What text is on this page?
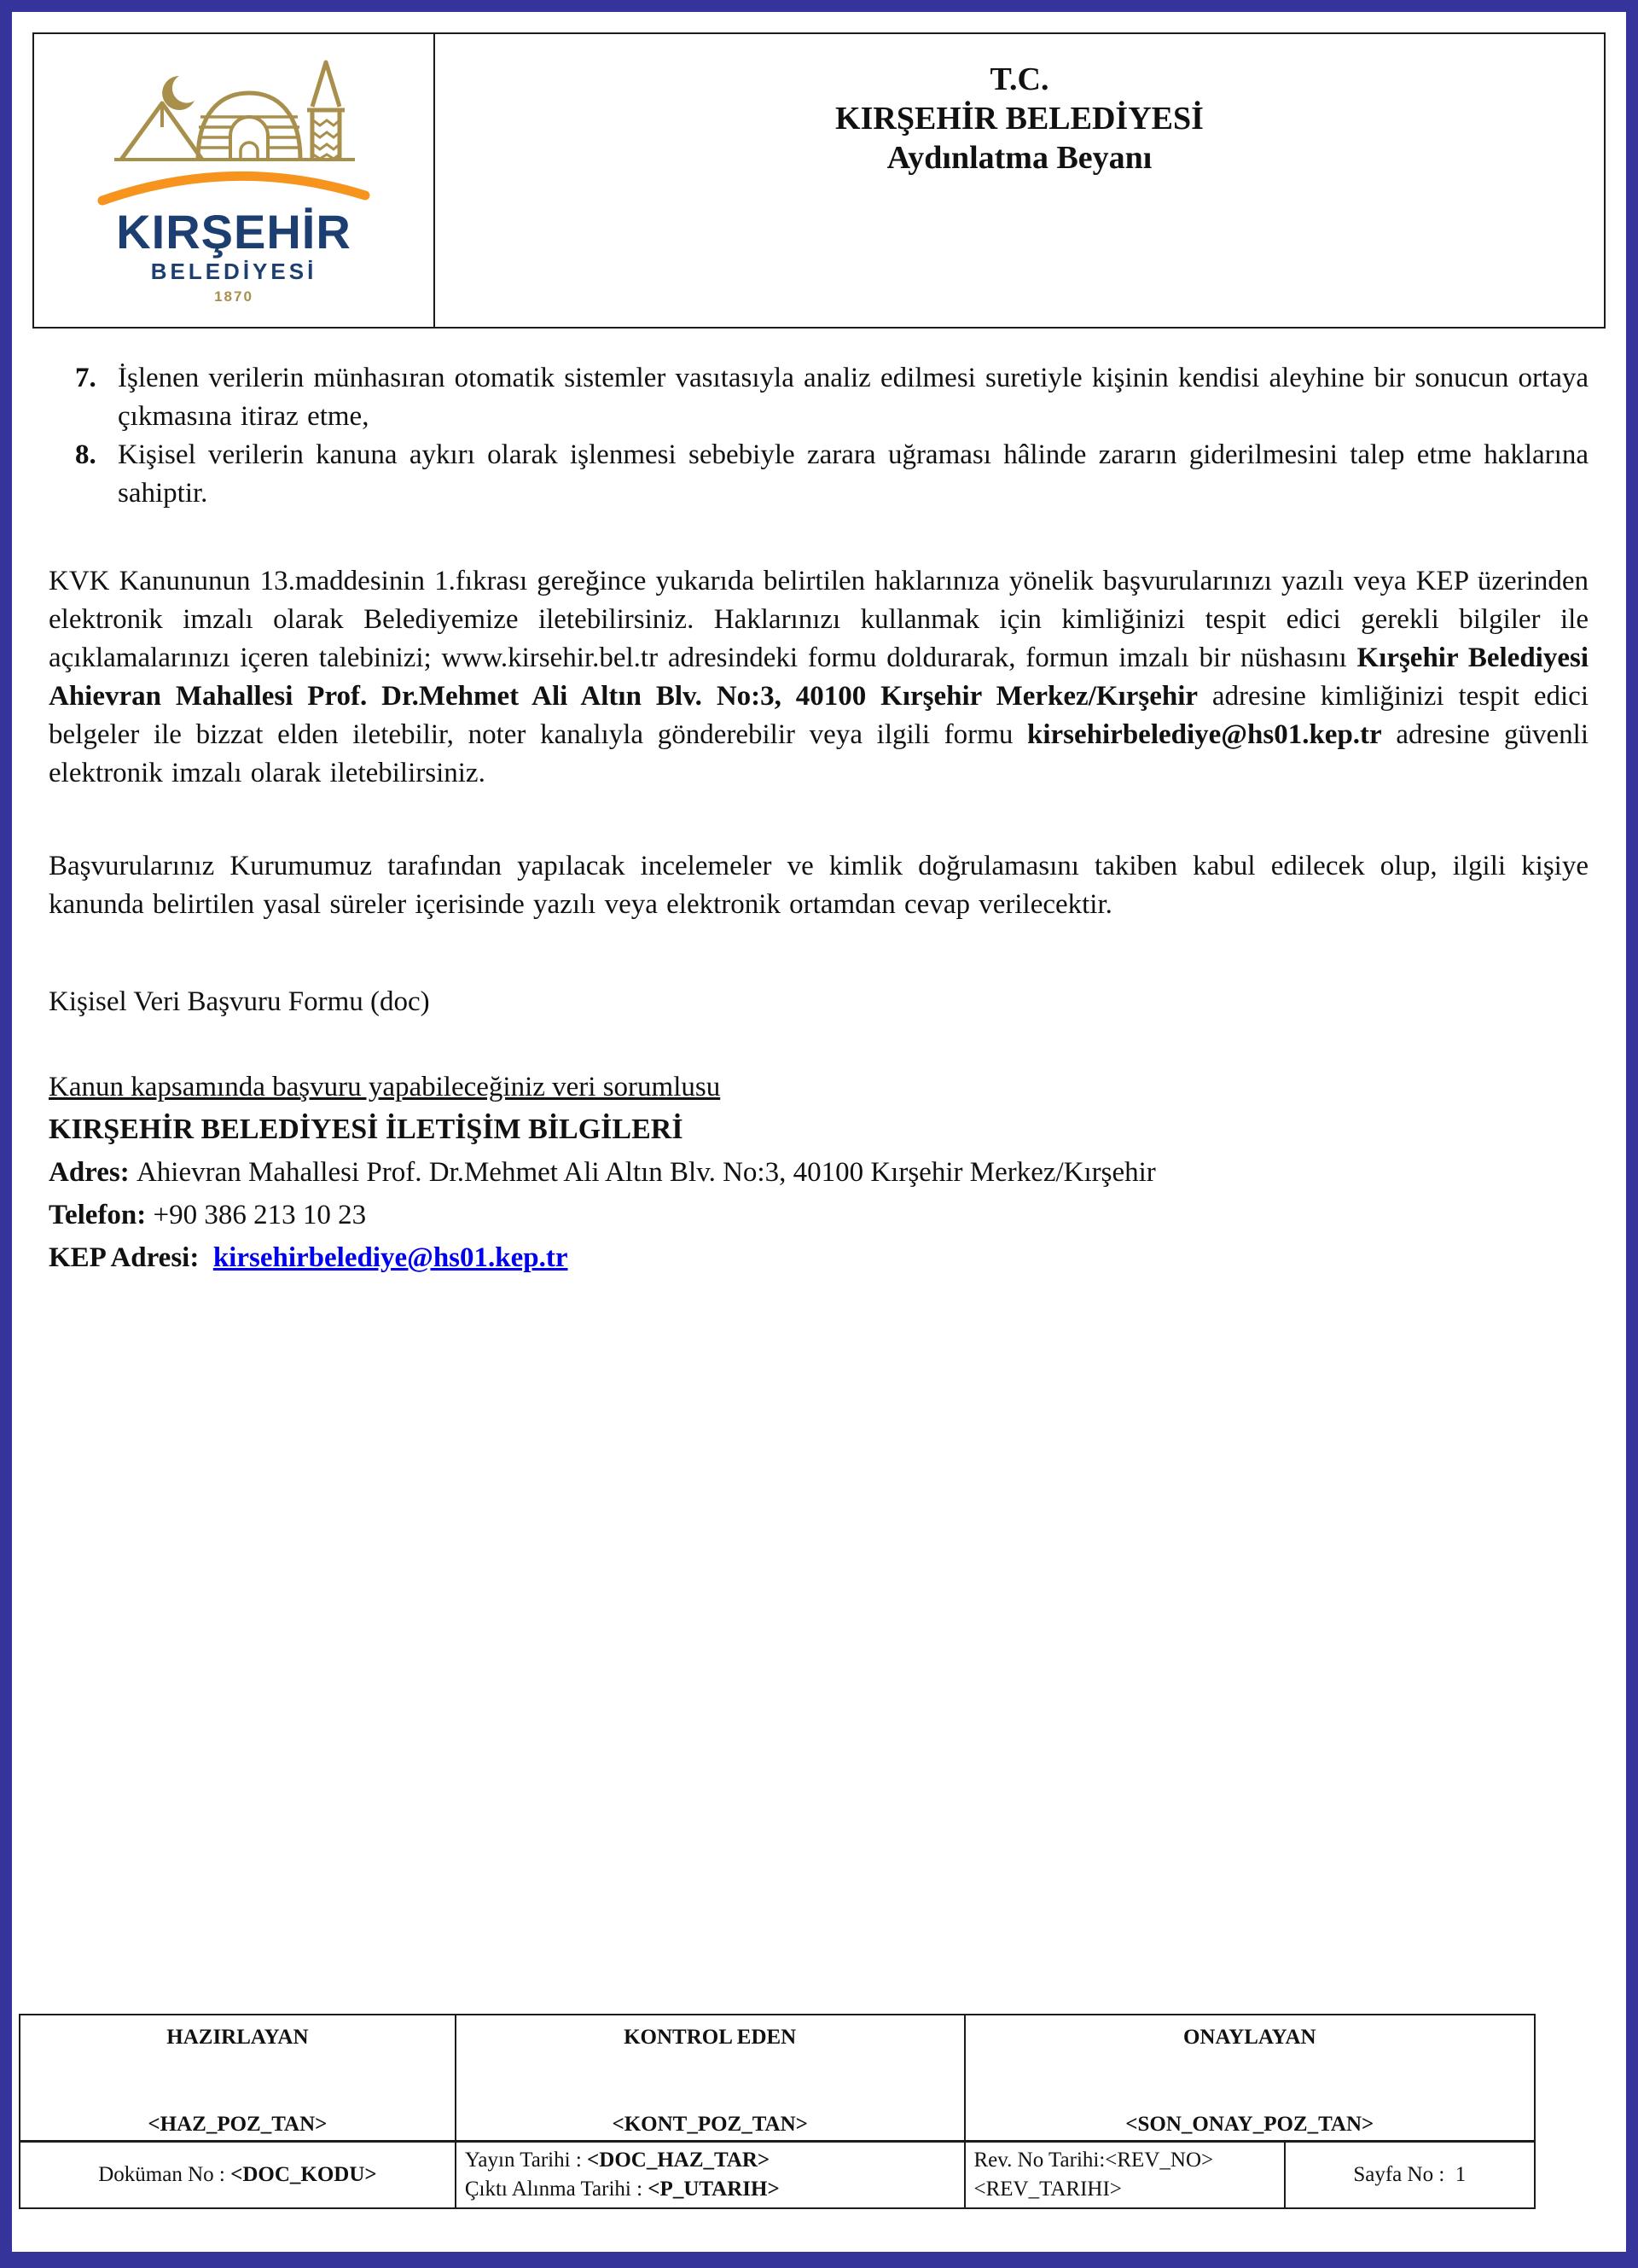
KIRŞEHİR
BELEDİYESİ
1870
T.C.
KIRŞEHİR BELEDİYESİ
Aydınlatma Beyanı
7. İşlenen verilerin münhasıran otomatik sistemler vasıtasıyla analiz edilmesi suretiyle kişinin kendisi aleyhine bir sonucun ortaya çıkmasına itiraz etme,
8. Kişisel verilerin kanuna aykırı olarak işlenmesi sebebiyle zarara uğraması hâlinde zararın giderilmesini talep etme haklarına sahiptir.
KVK Kanununun 13.maddesinin 1.fıkrası gereğince yukarıda belirtilen haklarınıza yönelik başvurularınızı yazılı veya KEP üzerinden elektronik imzalı olarak Belediyemize iletebilirsiniz. Haklarınızı kullanmak için kimliğinizi tespit edici gerekli bilgiler ile açıklamalarınızı içeren talebinizi; www.kirsehir.bel.tr adresindeki formu doldurarak, formun imzalı bir nüshasını Kırşehir Belediyesi Ahievran Mahallesi Prof. Dr.Mehmet Ali Altın Blv. No:3, 40100 Kırşehir Merkez/Kırşehir adresine kimliğinizi tespit edici belgeler ile bizzat elden iletebilir, noter kanalıyla gönderebilir veya ilgili formu kirsehirbelediye@hs01.kep.tr adresine güvenli elektronik imzalı olarak iletebilirsiniz.
Başvurularınız Kurumumuz tarafından yapılacak incelemeler ve kimlik doğrulamasını takiben kabul edilecek olup, ilgili kişiye kanunda belirtilen yasal süreler içerisinde yazılı veya elektronik ortamdan cevap verilecektir.
Kişisel Veri Başvuru Formu (doc)
Kanun kapsamında başvuru yapabileceğiniz veri sorumlusu
KIRŞEHİR BELEDİYESİ İLETİŞİM BİLGİLERİ
Adres: Ahievran Mahallesi Prof. Dr.Mehmet Ali Altın Blv. No:3, 40100 Kırşehir Merkez/Kırşehir
Telefon: +90 386 213 10 23
KEP Adresi:  kirsehirbelediye@hs01.kep.tr
HAZIRLAYAN
<HAZ_POZ_TAN>
KONTROL EDEN
<KONT_POZ_TAN>
ONAYLAYAN
<SON_ONAY_POZ_TAN>
Doküman No : <DOC_KODU>
Yayın Tarihi : <DOC_HAZ_TAR>
Çıktı Alınma Tarihi : <P_UTARIH>
Rev. No Tarihi:<REV_NO>
<REV_TARIHI>
Sayfa No : 1
